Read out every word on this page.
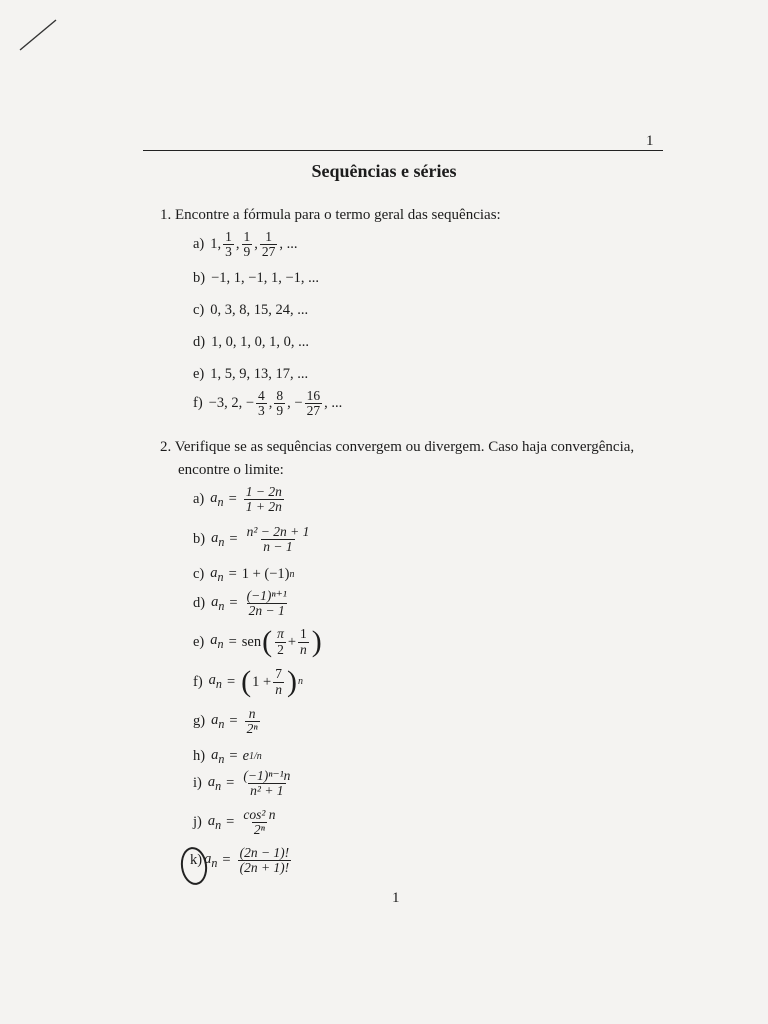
1
Sequências e séries
1. Encontre a fórmula para o termo geral das sequências:
a) 1, $\frac{1}{3}$ , $\frac{1}{9}$ , $\frac{1}{27}$ , ...
b) −1, 1, −1, 1, −1, ...
c) 0, 3, 8, 15, 24, ...
d) 1, 0, 1, 0, 1, 0, ...
e) 1, 5, 9, 13, 17, ...
f) −3, 2, − $\frac{4}{3}$ , $\frac{8}{9}$ , − $\frac{16}{27}$ , ...
2. Verifique se as sequências convergem ou divergem. Caso haja convergência,
encontre o limite:
a) $a_n = \frac{1 - 2n}{1 + 2n}$
b) $a_n = \frac{\text{n² − 2n + 1}}{n - 1}$
c) $a_n = 1 + (-1)$ n
d) $a_n = \frac{\text{(−1)ⁿ⁺¹}}{2n - 1}$
e) $a_n$ = sen ( $\frac{\pi}{2} + \frac{1}{n}$ )
f) $a_n$ = ( $1 + \frac{7}{n}$ ) n
g) $a_n = \frac{n}{\text{2ⁿ}}$
h) $a_n = e$ 1/n
i) $a_n = \frac{\text{(−1)ⁿ⁻¹n}}{\text{n² + 1}}$
j) $a_n = \frac{\text{cos² n}}{\text{2ⁿ}}$
k) $a_n = \frac{(2n - 1)!}{(2n + 1)!}$
1
